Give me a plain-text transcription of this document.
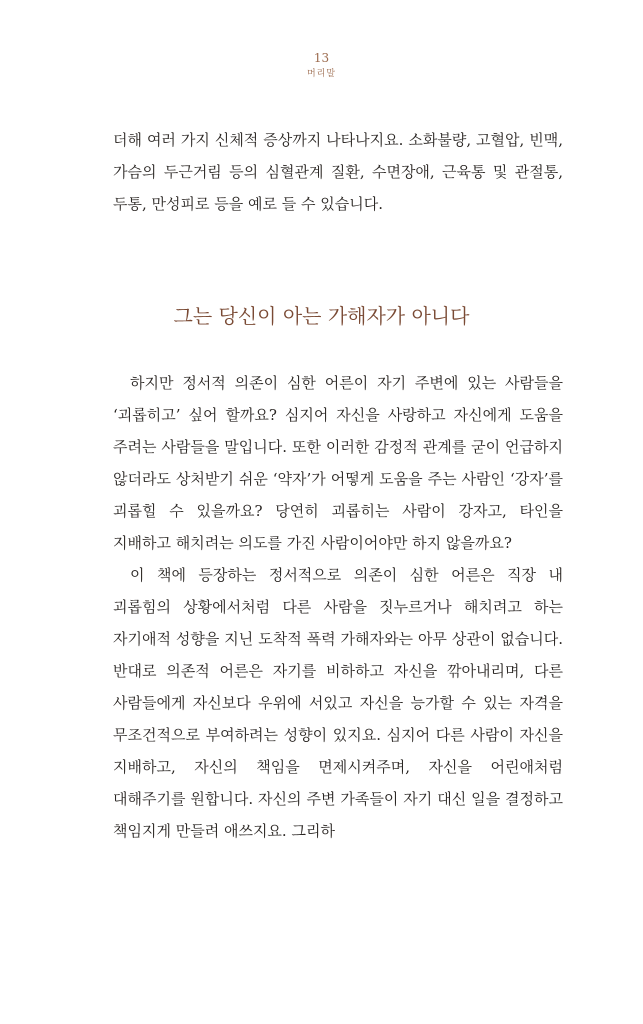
13
머리말

더해 여러 가지 신체적 증상까지 나타나지요. 소화불량, 고혈압, 빈맥, 가슴의 두근거림 등의 심혈관계 질환, 수면장애, 근육통 및 관절통, 두통, 만성피로 등을 예로 들 수 있습니다.

그는 당신이 아는 가해자가 아니다

하지만 정서적 의존이 심한 어른이 자기 주변에 있는 사람들을 ‘괴롭히고’ 싶어 할까요? 심지어 자신을 사랑하고 자신에게 도움을 주려는 사람들을 말입니다. 또한 이러한 감정적 관계를 굳이 언급하지 않더라도 상처받기 쉬운 ‘약자’가 어떻게 도움을 주는 사람인 ‘강자’를 괴롭힐 수 있을까요? 당연히 괴롭히는 사람이 강자고, 타인을 지배하고 해치려는 의도를 가진 사람이어야만 하지 않을까요?

이 책에 등장하는 정서적으로 의존이 심한 어른은 직장 내 괴롭힘의 상황에서처럼 다른 사람을 짓누르거나 해치려고 하는 자기애적 성향을 지닌 도착적 폭력 가해자와는 아무 상관이 없습니다. 반대로 의존적 어른은 자기를 비하하고 자신을 깎아내리며, 다른 사람들에게 자신보다 우위에 서있고 자신을 능가할 수 있는 자격을 무조건적으로 부여하려는 성향이 있지요. 심지어 다른 사람이 자신을 지배하고, 자신의 책임을 면제시켜주며, 자신을 어린애처럼 대해주기를 원합니다. 자신의 주변 가족들이 자기 대신 일을 결정하고 책임지게 만들려 애쓰지요. 그리하
